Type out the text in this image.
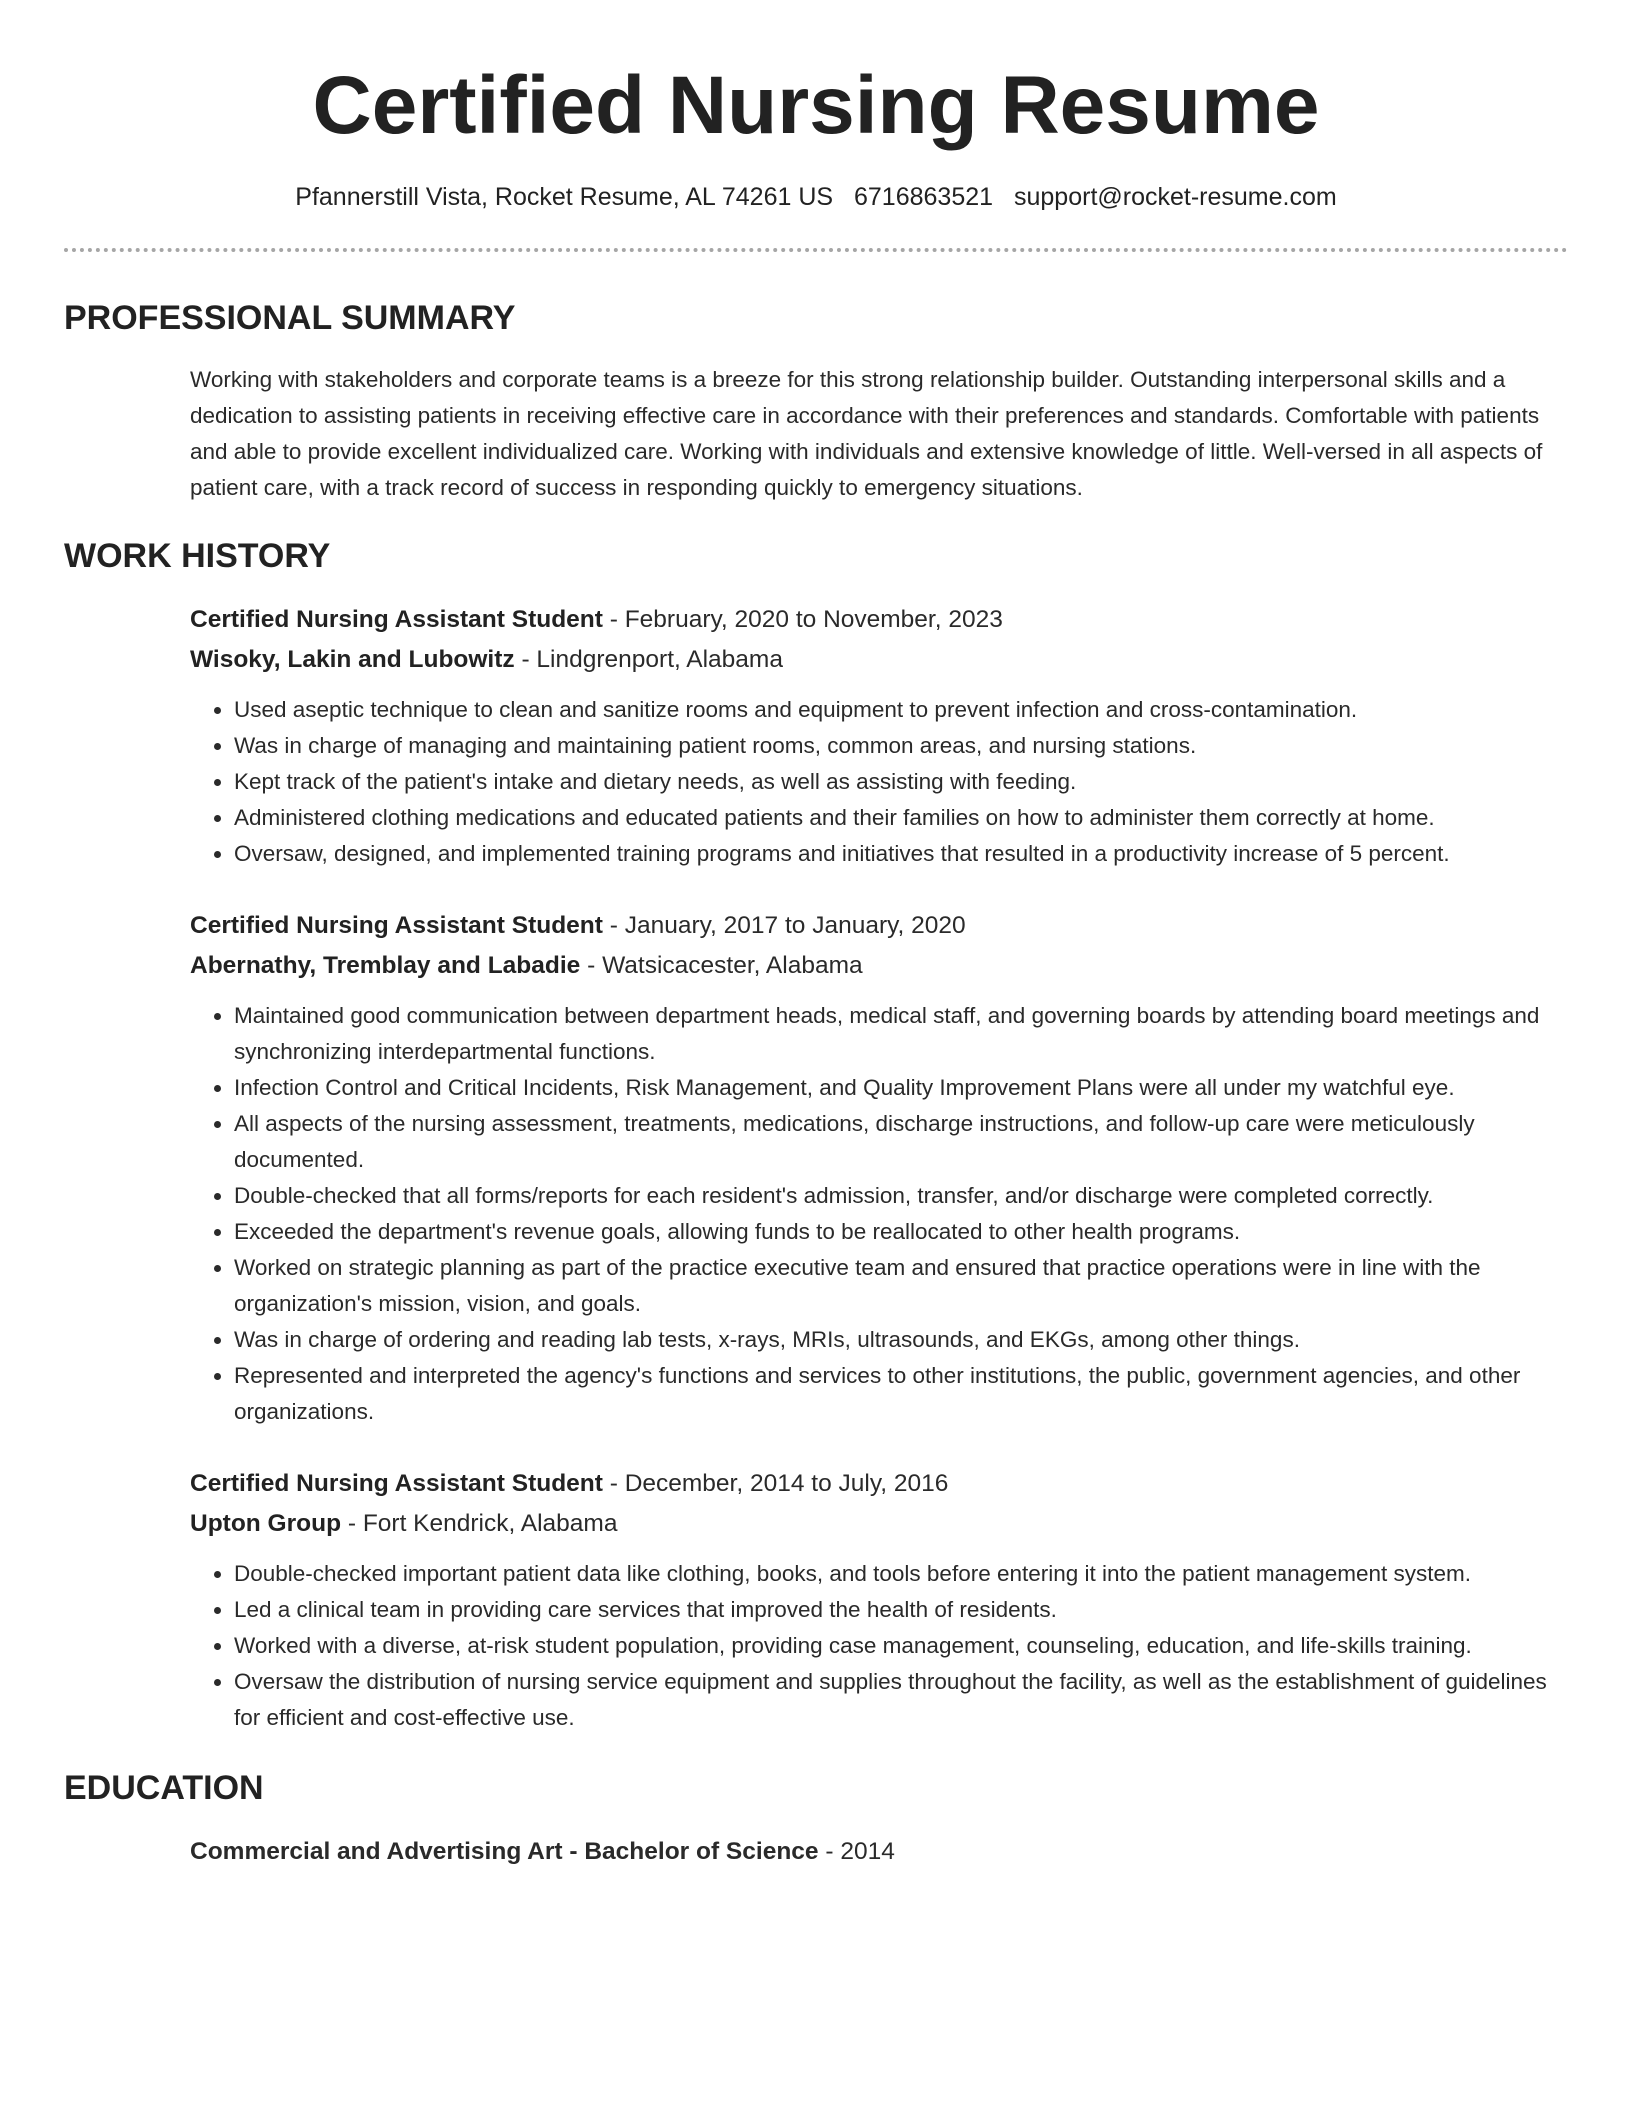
Certified Nursing Resume
Pfannerstill Vista, Rocket Resume, AL 74261 US 6716863521 support@rocket-resume.com
PROFESSIONAL SUMMARY

Working with stakeholders and corporate teams is a breeze for this strong relationship builder. Outstanding interpersonal skills and a dedication to assisting patients in receiving effective care in accordance with their preferences and standards. Comfortable with patients and able to provide excellent individualized care. Working with individuals and extensive knowledge of little. Well-versed in all aspects of patient care, with a track record of success in responding quickly to emergency situations.

WORK HISTORY
Certified Nursing Assistant Student - February, 2020 to November, 2023
Wisoky, Lakin and Lubowitz - Lindgrenport, Alabama
• Used aseptic technique to clean and sanitize rooms and equipment to prevent infection and cross-contamination.
• Was in charge of managing and maintaining patient rooms, common areas, and nursing stations.
• Kept track of the patient's intake and dietary needs, as well as assisting with feeding.
• Administered clothing medications and educated patients and their families on how to administer them correctly at home.
• Oversaw, designed, and implemented training programs and initiatives that resulted in a productivity increase of 5 percent.
Certified Nursing Assistant Student - January, 2017 to January, 2020
Abernathy, Tremblay and Labadie - Watsicacester, Alabama
• Maintained good communication between department heads, medical staff, and governing boards by attending board meetings and synchronizing interdepartmental functions.
• Infection Control and Critical Incidents, Risk Management, and Quality Improvement Plans were all under my watchful eye.
• All aspects of the nursing assessment, treatments, medications, discharge instructions, and follow-up care were meticulously documented.
• Double-checked that all forms/reports for each resident's admission, transfer, and/or discharge were completed correctly.
• Exceeded the department's revenue goals, allowing funds to be reallocated to other health programs.
• Worked on strategic planning as part of the practice executive team and ensured that practice operations were in line with the organization's mission, vision, and goals.
• Was in charge of ordering and reading lab tests, x-rays, MRIs, ultrasounds, and EKGs, among other things.
• Represented and interpreted the agency's functions and services to other institutions, the public, government agencies, and other organizations.
Certified Nursing Assistant Student - December, 2014 to July, 2016
Upton Group - Fort Kendrick, Alabama
• Double-checked important patient data like clothing, books, and tools before entering it into the patient management system.
• Led a clinical team in providing care services that improved the health of residents.
• Worked with a diverse, at-risk student population, providing case management, counseling, education, and life-skills training.
• Oversaw the distribution of nursing service equipment and supplies throughout the facility, as well as the establishment of guidelines for efficient and cost-effective use.
EDUCATION
Commercial and Advertising Art - Bachelor of Science - 2014
